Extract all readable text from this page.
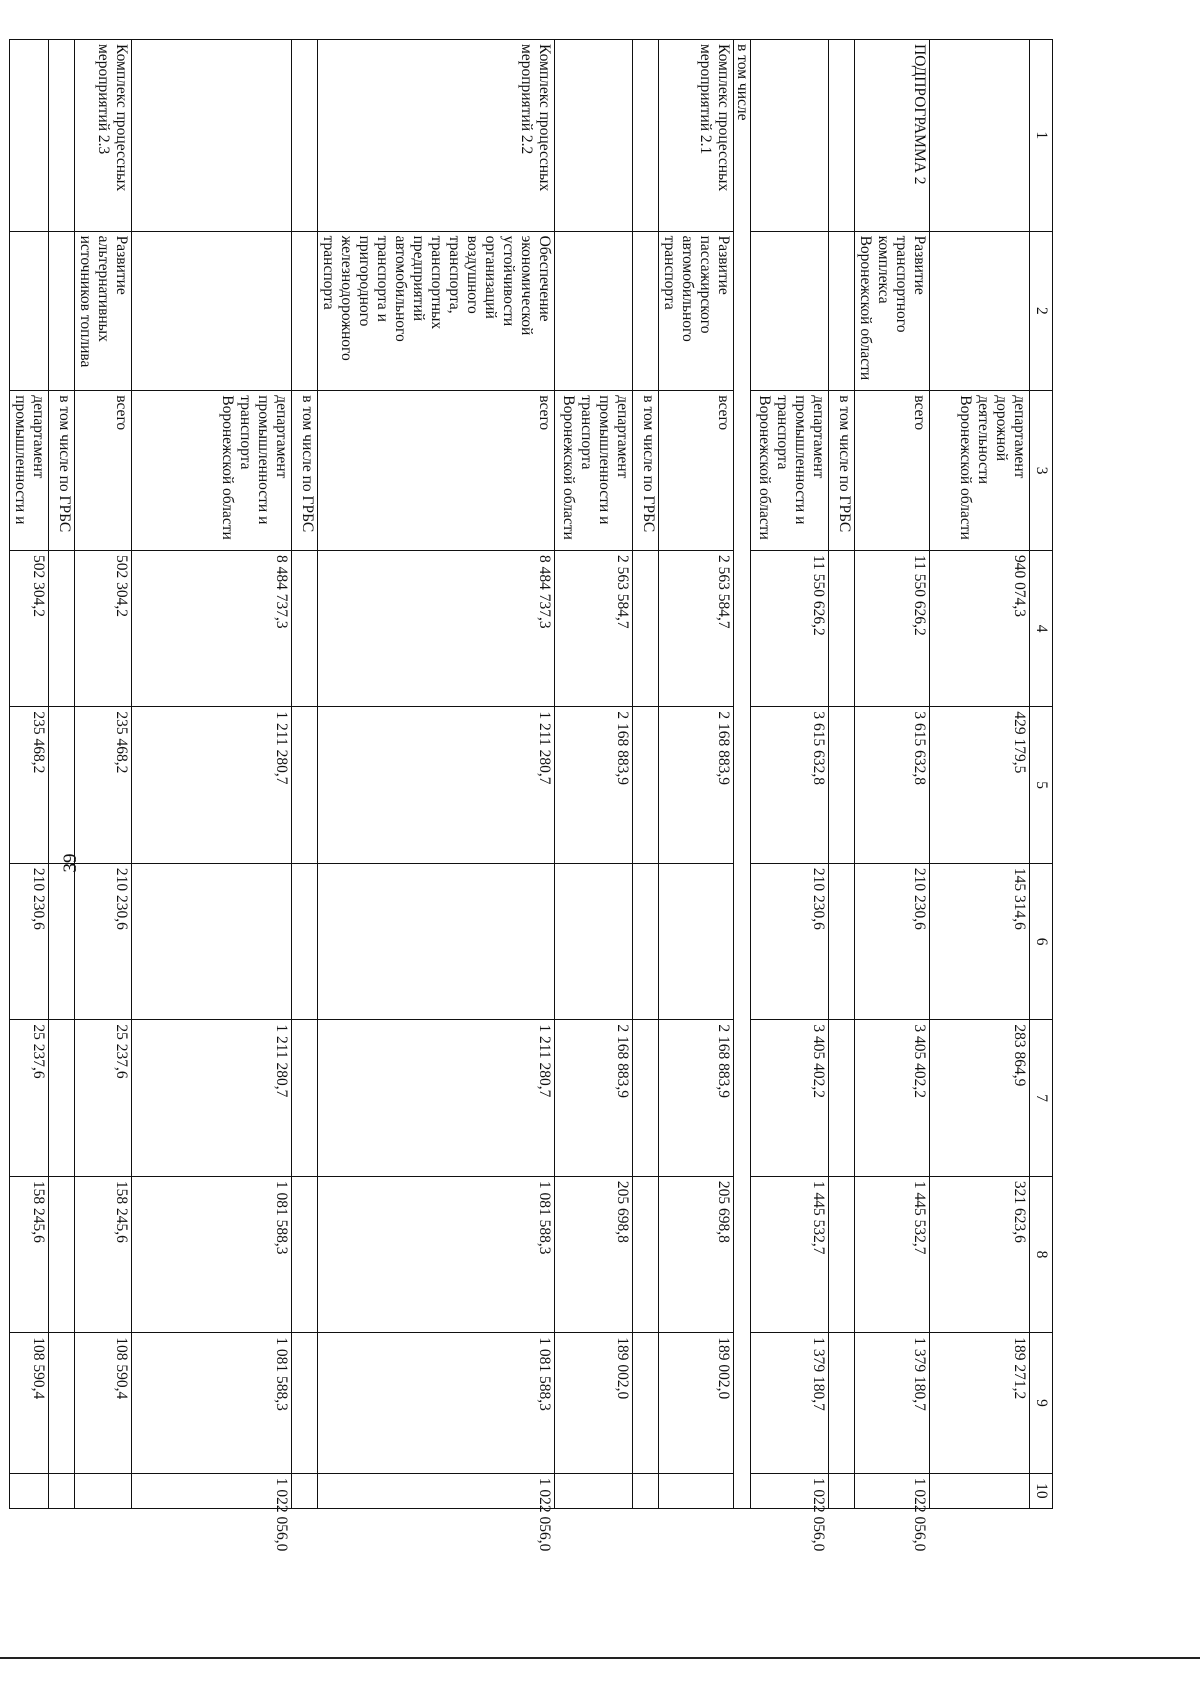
39
1	2	3	4	5	6	7	8	9	10
		департамент дорожной деятельности Воронежской области	940 074,3	429 179,5	145 314,6	283 864,9	321 623,6	189 271,2	
ПОДПРОГРАММА 2	Развитие транспортного комплекса Воронежской области	всего	11 550 626,2	3 615 632,8	210 230,6	3 405 402,2	1 445 532,7	1 379 180,7	1 022 056,0
		в том числе по ГРБС							
		департамент промышленности и транспорта Воронежской области	11 550 626,2	3 615 632,8	210 230,6	3 405 402,2	1 445 532,7	1 379 180,7	1 022 056,0
в том числе									
Комплекс процессных мероприятий 2.1	Развитие пассажирского автомобильного транспорта	всего	2 563 584,7	2 168 883,9		2 168 883,9	205 698,8	189 002,0	
		в том числе по ГРБС							
		департамент промышленности и транспорта Воронежской области	2 563 584,7	2 168 883,9		2 168 883,9	205 698,8	189 002,0	
Комплекс процессных мероприятий 2.2	Обеспечение экономической устойчивости организаций воздушного транспорта, транспортных предприятий автомобильного транспорта и пригородного железнодорожного транспорта	всего	8 484 737,3	1 211 280,7		1 211 280,7	1 081 588,3	1 081 588,3	1 022 056,0
		в том числе по ГРБС							
		департамент промышленности и транспорта Воронежской области	8 484 737,3	1 211 280,7		1 211 280,7	1 081 588,3	1 081 588,3	1 022 056,0
Комплекс процессных мероприятий 2.3	Развитие альтернативных источников топлива	всего	502 304,2	235 468,2	210 230,6	25 237,6	158 245,6	108 590,4	
		в том числе по ГРБС							
		департамент промышленности и	502 304,2	235 468,2	210 230,6	25 237,6	158 245,6	108 590,4	
